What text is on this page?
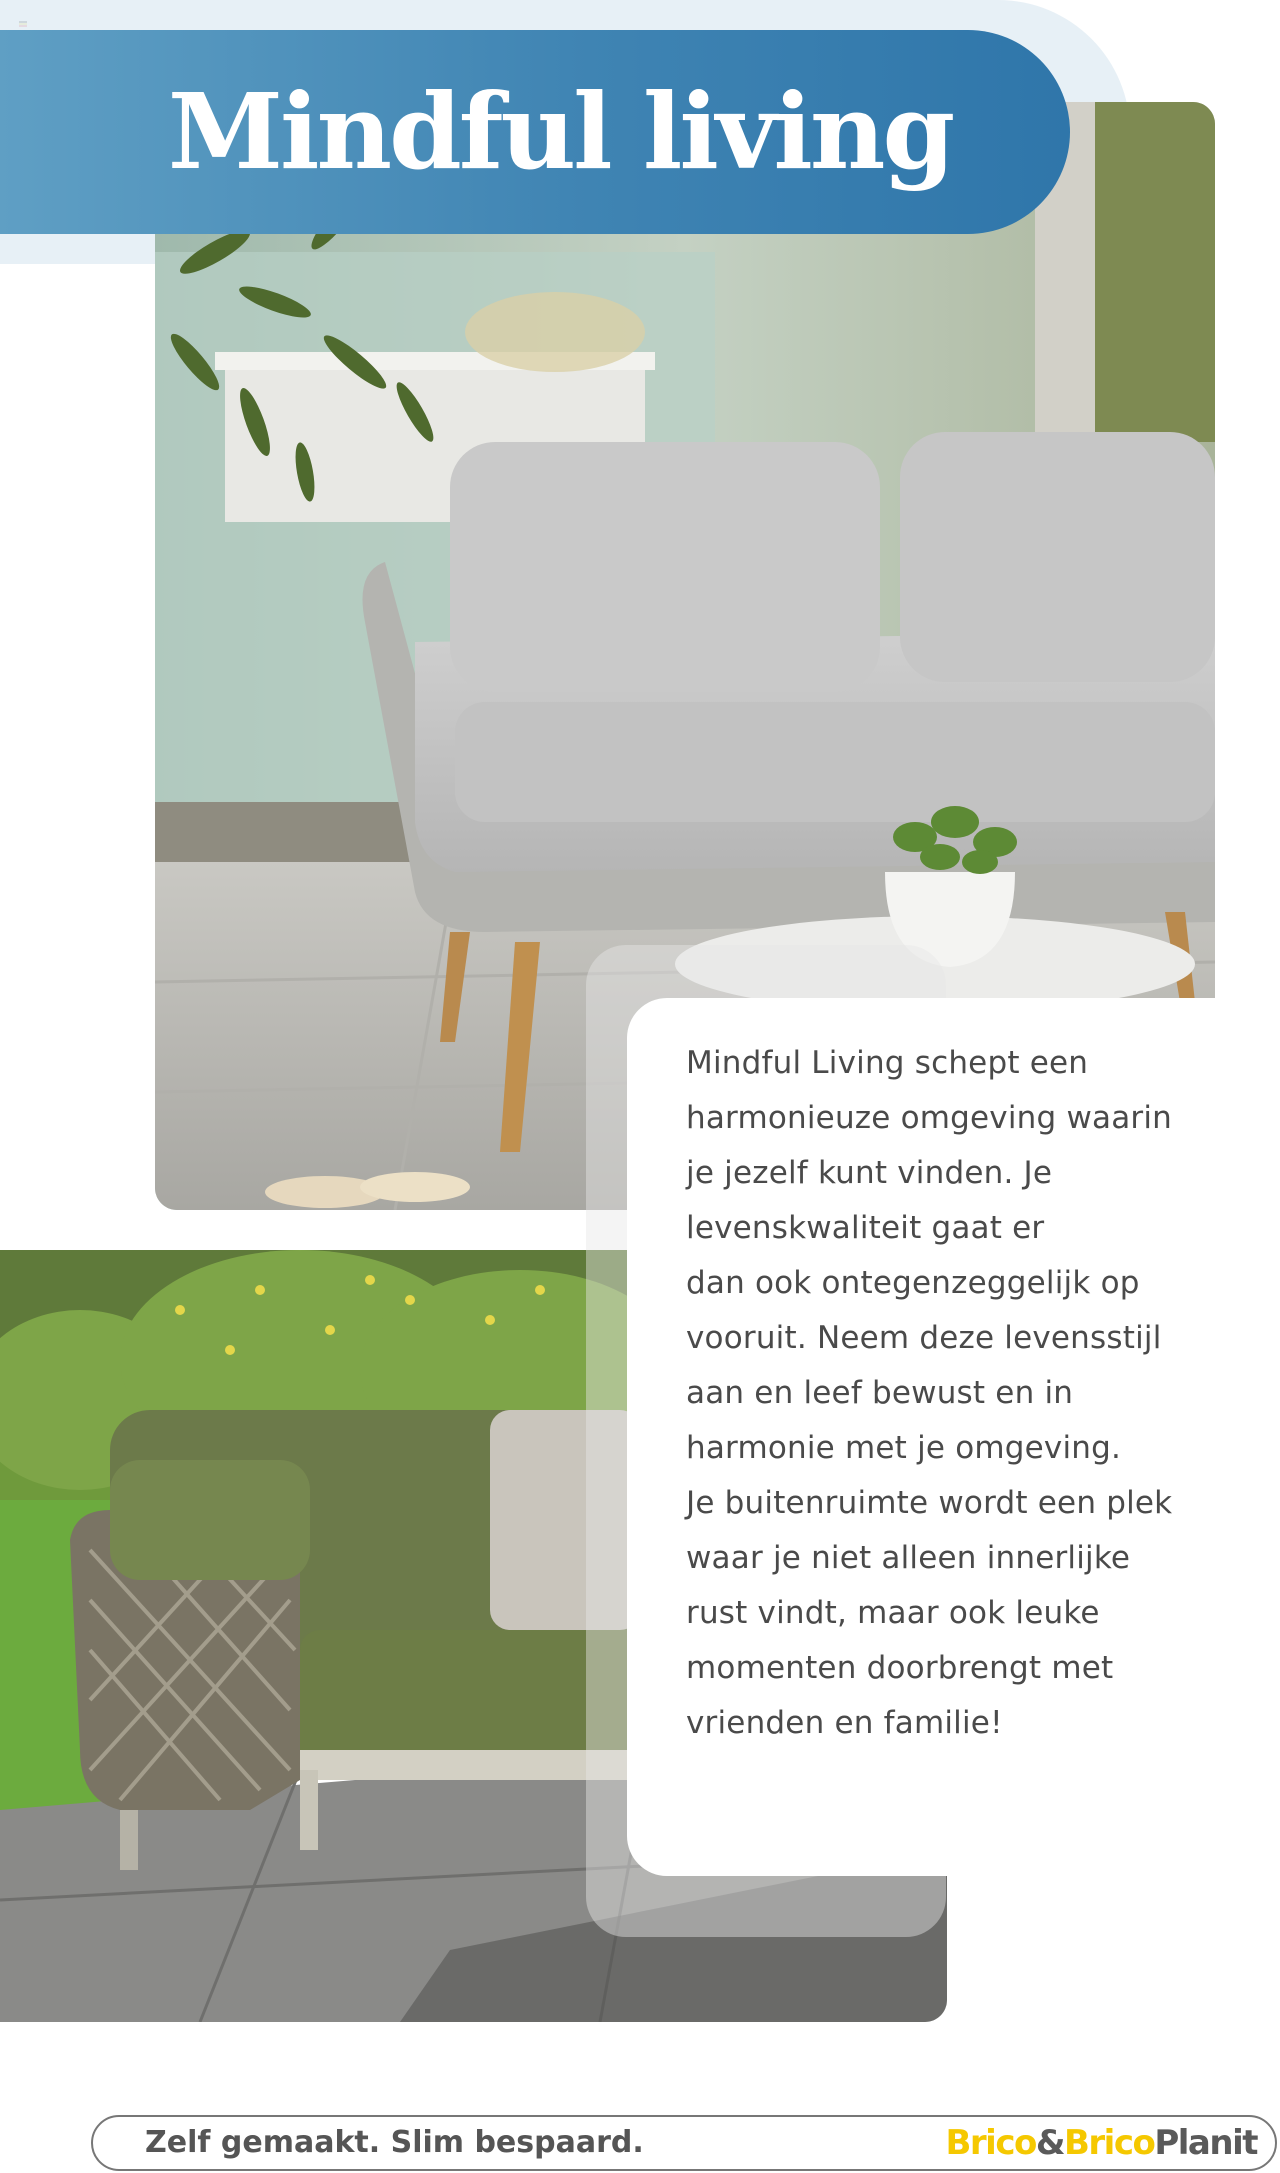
Mindful living
Mindful Living schept een
harmonieuze omgeving waarin
je jezelf kunt vinden. Je
levenskwaliteit gaat er
dan ook ontegenzeggelijk op
vooruit. Neem deze levensstijl
aan en leef bewust en in
harmonie met je omgeving.
Je buitenruimte wordt een plek
waar je niet alleen innerlijke
rust vindt, maar ook leuke
momenten doorbrengt met
vrienden en familie!
Zelf gemaakt. Slim bespaard.	Brico&BricoPlanit
